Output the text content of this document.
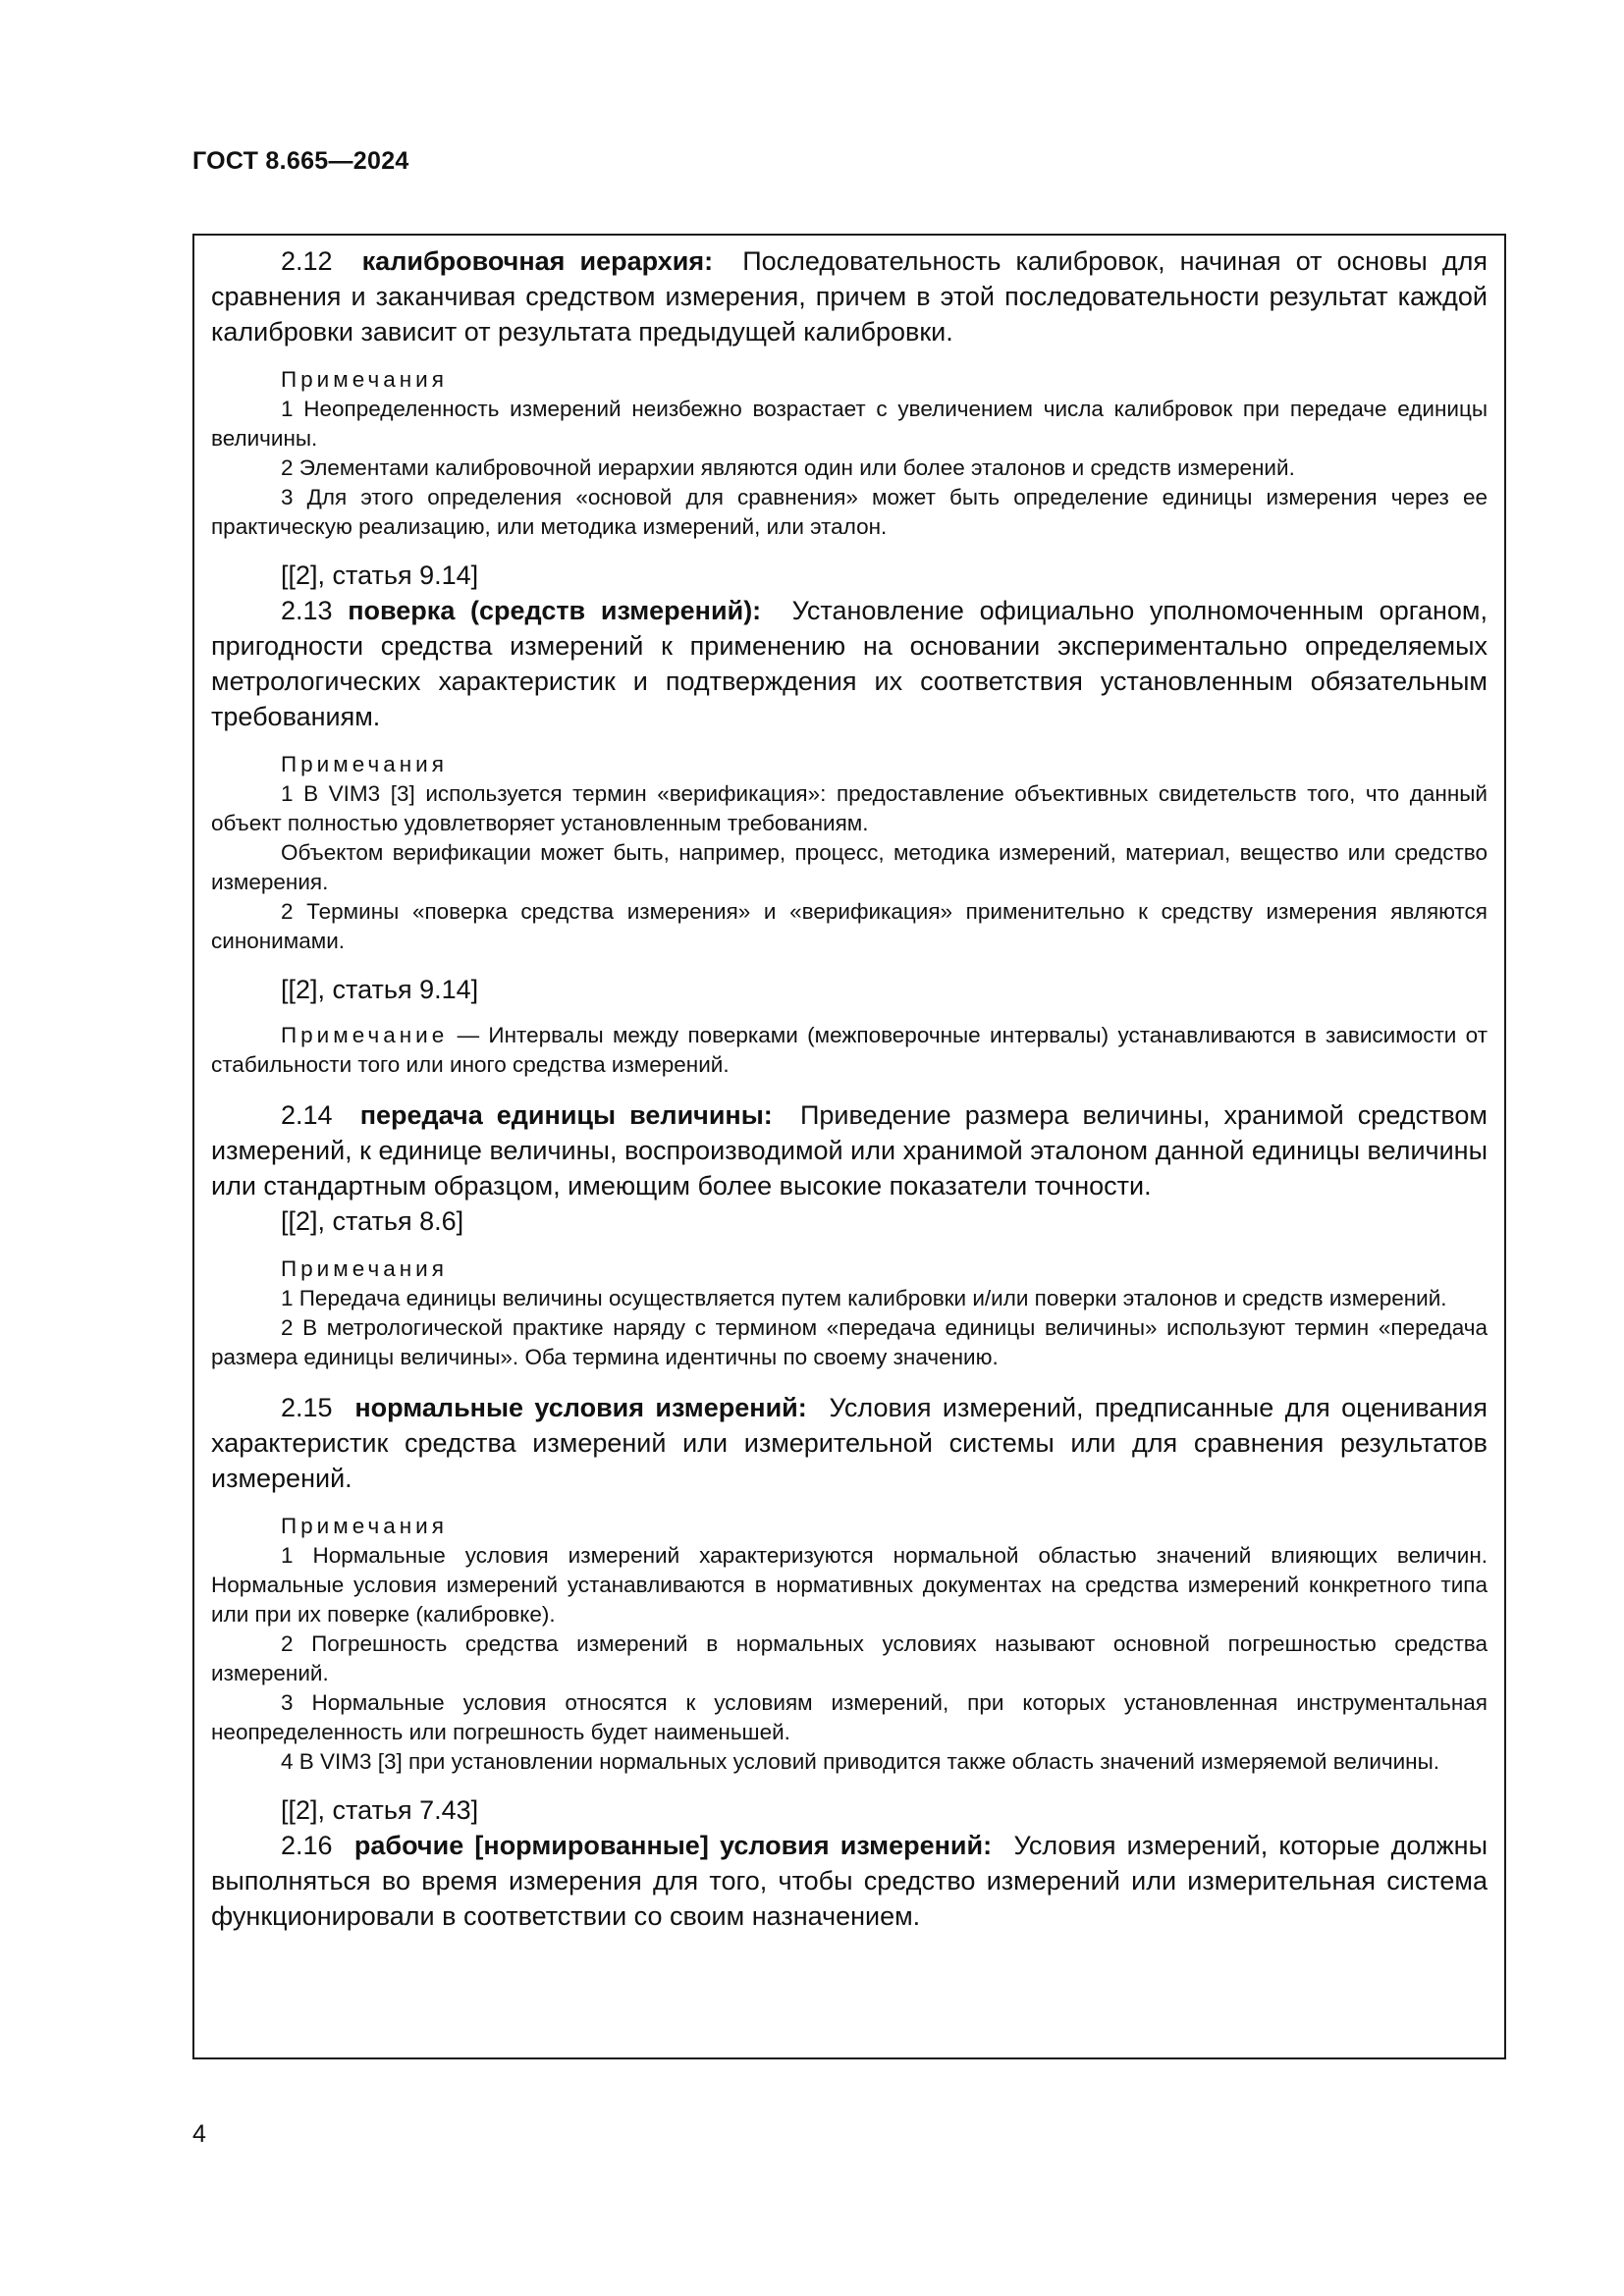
ГОСТ 8.665—2024

2.12 калибровочная иерархия: Последовательность калибровок, начиная от основы для сравнения и заканчивая средством измерения, причем в этой последовательности результат каждой калибровки зависит от результата предыдущей калибровки.

Примечания

1 Неопределенность измерений неизбежно возрастает с увеличением числа калибровок при передаче единицы величины.

2 Элементами калибровочной иерархии являются один или более эталонов и средств измерений.

3 Для этого определения «основой для сравнения» может быть определение единицы измерения через ее практическую реализацию, или методика измерений, или эталон.

[[2], статья 9.14]

2.13 поверка (средств измерений): Установление официально уполномоченным органом, пригодности средства измерений к применению на основании экспериментально определяемых метрологических характеристик и подтверждения их соответствия установленным обязательным требованиям.

Примечания

1 В VIM3 [3] используется термин «верификация»: предоставление объективных свидетельств того, что данный объект полностью удовлетворяет установленным требованиям.

Объектом верификации может быть, например, процесс, методика измерений, материал, вещество или средство измерения.

2 Термины «поверка средства измерения» и «верификация» применительно к средству измерения являются синонимами.

[[2], статья 9.14]

Примечание — Интервалы между поверками (межповерочные интервалы) устанавливаются в зависимости от стабильности того или иного средства измерений.

2.14 передача единицы величины: Приведение размера величины, хранимой средством измерений, к единице величины, воспроизводимой или хранимой эталоном данной единицы величины или стандартным образцом, имеющим более высокие показатели точности.

[[2], статья 8.6]

Примечания

1 Передача единицы величины осуществляется путем калибровки и/или поверки эталонов и средств измерений.

2 В метрологической практике наряду с термином «передача единицы величины» используют термин «передача размера единицы величины». Оба термина идентичны по своему значению.

2.15 нормальные условия измерений: Условия измерений, предписанные для оценивания характеристик средства измерений или измерительной системы или для сравнения результатов измерений.

Примечания

1 Нормальные условия измерений характеризуются нормальной областью значений влияющих величин. Нормальные условия измерений устанавливаются в нормативных документах на средства измерений конкретного типа или при их поверке (калибровке).

2 Погрешность средства измерений в нормальных условиях называют основной погрешностью средства измерений.

3 Нормальные условия относятся к условиям измерений, при которых установленная инструментальная неопределенность или погрешность будет наименьшей.

4 В VIM3 [3] при установлении нормальных условий приводится также область значений измеряемой величины.

[[2], статья 7.43]

2.16 рабочие [нормированные] условия измерений: Условия измерений, которые должны выполняться во время измерения для того, чтобы средство измерений или измерительная система функционировали в соответствии со своим назначением.

4
